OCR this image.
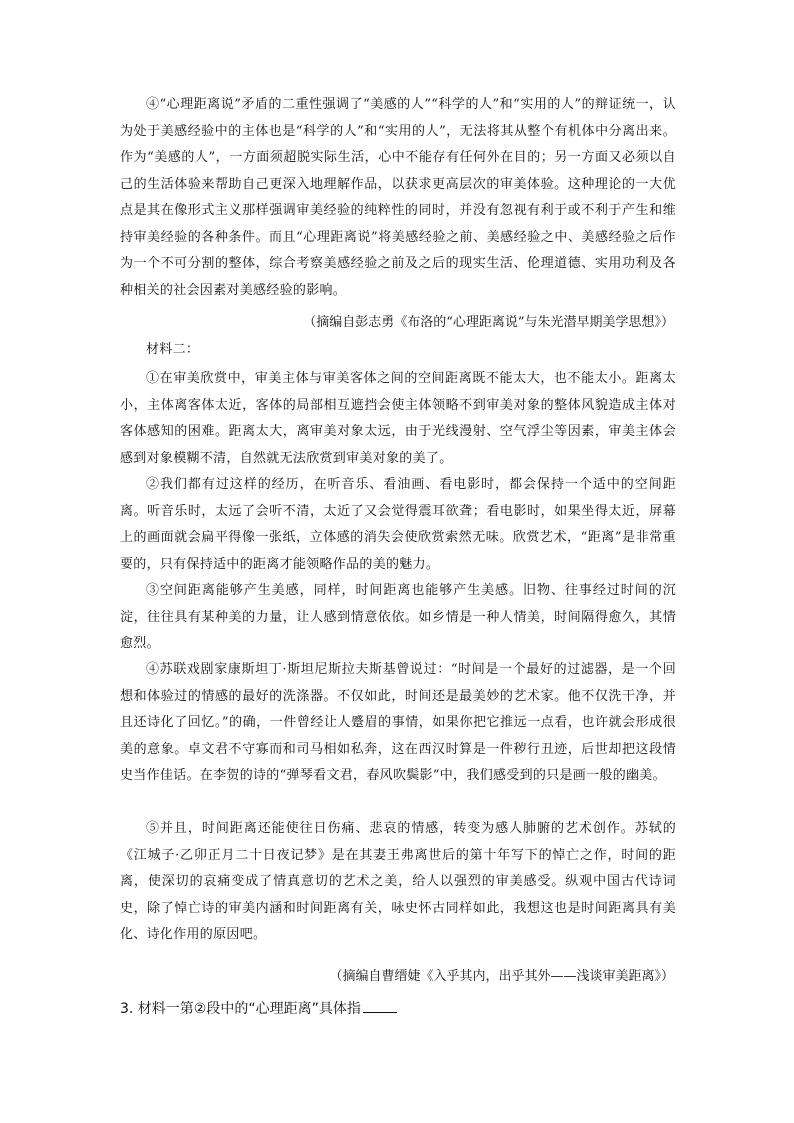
④“心理距离说”矛盾的二重性强调了“美感的人”“科学的人”和“实用的人”的辩证统一，认为处于美感经验中的主体也是“科学的人”和“实用的人”，无法将其从整个有机体中分离出来。作为“美感的人”，一方面须超脱实际生活，心中不能存有任何外在目的；另一方面又必须以自己的生活体验来帮助自己更深入地理解作品，以获求更高层次的审美体验。这种理论的一大优点是其在像形式主义那样强调审美经验的纯粹性的同时，并没有忽视有利于或不利于产生和维持审美经验的各种条件。而且“心理距离说”将美感经验之前、美感经验之中、美感经验之后作为一个不可分割的整体，综合考察美感经验之前及之后的现实生活、伦理道德、实用功利及各种相关的社会因素对美感经验的影响。

（摘编自彭志勇《布洛的“心理距离说”与朱光潜早期美学思想》）

材料二：

①在审美欣赏中，审美主体与审美客体之间的空间距离既不能太大，也不能太小。距离太小，主体离客体太近，客体的局部相互遮挡会使主体领略不到审美对象的整体风貌造成主体对客体感知的困难。距离太大，离审美对象太远，由于光线漫射、空气浮尘等因素，审美主体会感到对象模糊不清，自然就无法欣赏到审美对象的美了。

②我们都有过这样的经历，在听音乐、看油画、看电影时，都会保持一个适中的空间距离。听音乐时，太远了会听不清，太近了又会觉得震耳欲聋；看电影时，如果坐得太近，屏幕上的画面就会扁平得像一张纸，立体感的消失会使欣赏索然无味。欣赏艺术，“距离”是非常重要的，只有保持适中的距离才能领略作品的美的魅力。

③空间距离能够产生美感，同样，时间距离也能够产生美感。旧物、往事经过时间的沉淀，往往具有某种美的力量，让人感到情意依依。如乡情是一种人情美，时间隔得愈久，其情愈烈。

④苏联戏剧家康斯坦丁·斯坦尼斯拉夫斯基曾说过：“时间是一个最好的过滤器，是一个回想和体验过的情感的最好的洗涤器。不仅如此，时间还是最美妙的艺术家。他不仅洗干净，并且还诗化了回忆。”的确，一件曾经让人蹙眉的事情，如果你把它推远一点看，也许就会形成很美的意象。卓文君不守寡而和司马相如私奔，这在西汉时算是一件秽行丑迹，后世却把这段情史当作佳话。在李贺的诗的“弹琴看文君，春风吹鬓影”中，我们感受到的只是画一般的幽美。

⑤并且，时间距离还能使往日伤痛、悲哀的情感，转变为感人肺腑的艺术创作。苏轼的《江城子·乙卯正月二十日夜记梦》是在其妻王弗离世后的第十年写下的悼亡之作，时间的距离，使深切的哀痛变成了情真意切的艺术之美，给人以强烈的审美感受。纵观中国古代诗词史，除了悼亡诗的审美内涵和时间距离有关，咏史怀古同样如此，我想这也是时间距离具有美化、诗化作用的原因吧。

（摘编自曹缙婕《入乎其内，出乎其外——浅谈审美距离》）

3. 材料一第②段中的“心理距离”具体指
